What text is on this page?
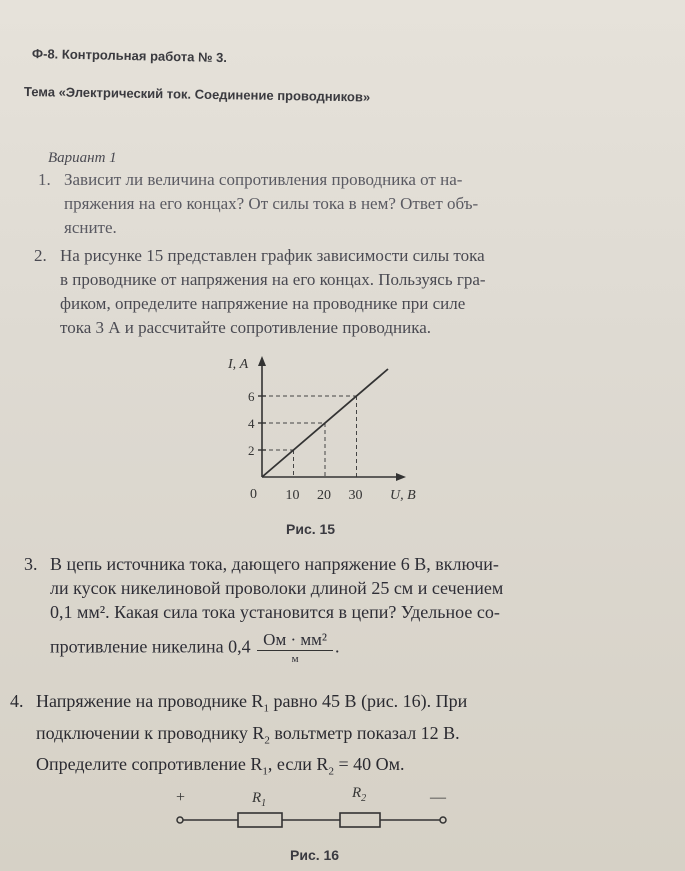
Ф-8. Контрольная работа № 3.
Тема «Электрический ток. Соединение проводников»
Вариант 1
1. Зависит ли величина сопротивления проводника от на-
пряжения на его концах? От силы тока в нем? Ответ объ-
ясните.
2. На рисунке 15 представлен график зависимости силы тока
в проводнике от напряжения на его концах. Пользуясь гра-
фиком, определите напряжение на проводнике при силе
тока 3 А и рассчитайте сопротивление проводника.
10 20 30
2
4
6
I, А
0	U, В
Рис. 15
3. В цепь источника тока, дающего напряжение 6 В, включи-
ли кусок никелиновой проволоки длиной 25 см и сечением
0,1 мм². Какая сила тока установится в цепи? Удельное со-
противление никелина $0,4 \frac{\text{Ом · мм²}}{м}$ .
4. Напряжение на проводнике $R_1$ равно 45 В (рис. 16). При
подключении к проводнику $R_2$ вольтметр показал 12 В.
Определите сопротивление $R_1$, если $R_2 = 40$ Ом.
+	—
$R_1$
$R_2$
Рис. 16
